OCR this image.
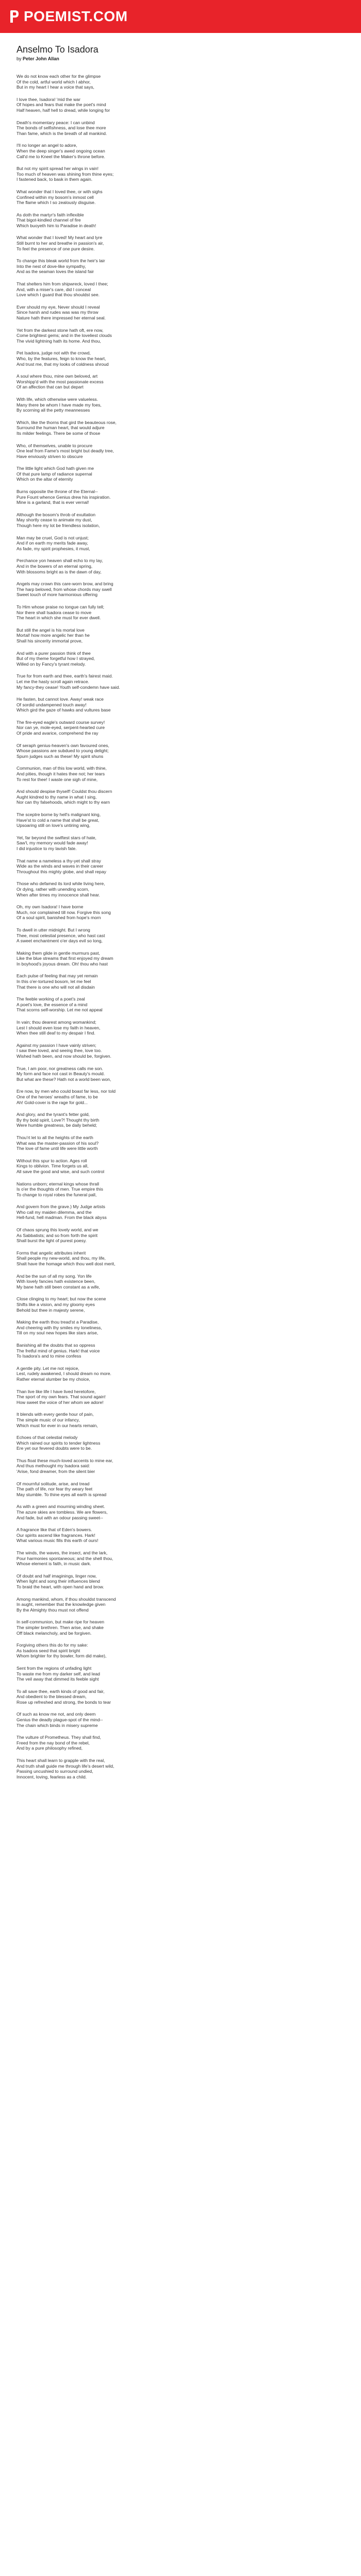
POEMIST.COM
Anselmo To Isadora
by Peter John Allan
We do not know each other for the glimpse
Of the cold, artful world which I abhor,
But in my heart I hear a voice that says,
I love thee, Isadora! 'mid the war
Of hopes and fears that make the poet's mind
Half heaven, half hell to dread, while longing for
Death's momentary peace: I can unbind
The bonds of selfishness, and lose thee more
Than fame, which is the breath of all mankind.
I'll no longer an angel to adore,
When the deep singer's awed ongoing ocean
Call'd me to Kneel the Maker's throne before.
But not my spirit spread her wings in vain!
Too much of heaven was shining from thine eyes;
I fastened back, to bask in them again.
What wonder that I loved thee, or with sighs
Confined within my bosom's inmost cell
The flame which I so zealously disguise.
As doth the martyr's faith inflexible
That bigot-kindled channel of fire
Which buoyeth him to Paradise in death!
What wonder that I loved! My heart and lyre
Still burnt to her and breathe in passion's air,
To feel the presence of one pure desire.
To change this bleak world from the heir's lair
Into the nest of dove-like sympathy,
And as the seaman loves the island fair
That shelters him from shipwreck, loved I thee;
And, with a miser's care, did I conceal
Love which I guard that thou shouldst see.
Ever should my eye, Never should I reveal
Since harsh and rudes was was my throw
Nature hath there impressed her eternal seal.
Yet from the darkest stone hath oft, ere now,
Come brightest gems; and in the loveliest clouds
The vivid lightning hath its home. And thou,
Pet Isadora, judge not with the crowd,
Who, by the features, feign to know the heart,
And trust me, that my looks of coldness shroud
A soul where thou, mine own beloved, art
Worshipp'd with the most passionate excess
Of an affection that can but depart
With life, which otherwise were valueless.
Many there be whom I have made my foes,
By scorning all the petty meannesses
Which, like the thorns that gird the beauteous rose,
Surround the human heart, that would adjure
Its milder feelings. There be some of those
Who, of themselves, unable to procure
One leaf from Fame's most bright but deadly tree,
Have enviously striven to obscure
The little light which God hath given me
Of that pure lamp of radiance supernal
Which on the altar of eternity
Burns opposite the throne of the Eternal--
Pure Fount whence Genius drew his inspiration.
Mine is a garland, that is ever vernal!
Although the bosom's throb of exultation
May shortly cease to animate my dust,
Though here my lot be friendless isolation,
Man may be cruel, God is not unjust;
And if on earth my merits fade away,
As fade, my spirit prophesies, it must,
Perchance yon heaven shall echo to my lay,
And in the bowers of an eternal spring,
With blossoms bright as is the dawn of day,
Angels may crown this care-worn brow, and bring
The harp beloved, from whose chords may swell
Sweet touch of more harmonious offering
To Him whose praise no tongue can fully tell;
Nor there shall Isadora cease to move
The heart in which she must for ever dwell.
But still the angel is his mortal love
Mortal! how more angelic her than he
Shall his sincerity immortal prove,
And with a purer passion think of thee
But of my theme forgetful how I strayed,
Willed on by Fancy's tyrant melody.
True for from earth and thee, earth's fairest maid.
Let me the hasty scroll again retrace.
My fancy-they cease! Youth self-condemn have said.
He fasten, but cannot love. Away! weak race
Of sordid undampened touch away!
Which gird the gaze of hawks and vultures base
The fire-eyed eagle's outward course survey!
Nor can ye, mole-eyed, serpent-hearted cure
Of pride and avarice, comprehend the ray
Of seraph genius-heaven's own favoured ones,
Whose passions are subdued to young delight;
Spurn judges such as these! My spirit shuns
Communion, man of this low world, with thine,
And pities, though it hates thee not; her tears
To rest for thee! I waste one sigh of mine,
And should despise thyself! Couldst thou discern
Aught kindred to thy name in what I sing,
Nor can thy falsehoods, which might to thy earn
The sceptre borne by hell's malignant king,
Have'st to cold a name that shall be great,
Upsoaring still on love's untiring wing,
Yet, far beyond the swiftest stars of hate,
Saw'l, my memory would fade away!
I did injustice to my lavish fate.
That name a nameless a thy-yet shall stray
Wide as the winds and waves in their career
Throughout this mighty globe, and shall repay
Those who defamed its lord while living here,
Or dying, rather with unending scorn,
When after times my innocence shall hear.
Oh, my own Isadora! I have borne
Much, nor complained till now. Forgive this song
Of a soul spirit, banished from hope's morn
To dwell in utter midnight. But I wrong
Thee, most celestial presence, who hast cast
A sweet enchantment o'er days evil so long,
Making them glide in gentle murmurs past,
Like the blue streams that first enjoyed my dream
In boyhood's joyous dream. Oh! thou who hast
Each pulse of feeling that may yet remain
In this o'er-tortured bosom, let me feel
That there is one who will not all disdain
The feeble working of a poet's zeal
A poet's love, the essence of a mind
That scorns self-worship. Let me not appeal
In vain; thou dearest among womankind;
Lest I should even lose my faith in heaven,
When thee still deaf to my despair I find.
Against my passion I have vainly striven;
I saw thee loved, and seeing thee, love too.
Wished hath been, and now should be, forgiven.
True, I am poor, nor greatness calls me son.
My form and face not cast in Beauty's mould.
But what are these? Hath not a world been won,
Ere now, by men who could boast far less, nor told
One of the heroes' wreaths of fame, to be
Ah! Gold-cover is the rage for gold...
And glory, and the tyrant's fetter gold,
By thy bold spirit, Love?! Thought thy birth
Were humble greatness, be daily beheld;
Thou'rt let to all the heights of the earth
What was the master-passion of his soul?
The love of fame until life were little worth
Without this spur to action. Ages roll
Kings to oblivion. Time forgets us all,
All save the good and wise, and such control
Nations unborn; eternal kings whose thrall
Is o'er the thoughts of men. True empire this
To change to royal robes the funeral pall,
And govern from the grave.) My Judge artists
Who call my maiden dilemma, and the
Hell-fund, hell madman. From the black abyss
Of chaos sprung this lovely world, and we
As Sabbatists; and so from forth the spirit
Shall burst the light of purest poesy.
Forms that angelic attributes inherit
Shall people my new-world, and thou, my life,
Shalt have the homage which thou well dost merit,
And be the sun of all my song. Yon life
With lovely fancies hath existence been,
My bane hath still been constant as a wife,
Close clinging to my heart; but now the scene
Shifts like a vision, and my gloomy eyes
Behold but thee in majesty serene,
Making the earth thou tread'st a Paradise,
And cheering with thy smiles my loneliness,
Till on my soul new hopes like stars arise,
Banishing all the doubts that so oppress
The fretful mind of genius. Hark! that voice
To Isadora's and to mine confess
A gentle pity. Let me not rejoice,
Lest, rudely awakened, I should dream no more.
Rather eternal slumber be my choice,
Than live like life I have lived heretofore,
The sport of my own fears. That sound again!
How sweet the voice of her whom we adore!
It blends with every gentle hour of pain,
The simple music of our infancy,
Which must for ever in our hearts remain,
Echoes of that celestial melody
Which rained our spirits to tender lightness
Ere yet our fevered doubts were to be.
Thus float these much-loved accents to mine ear,
And thus methought my Isadora said:
'Arise, fond dreamer, from the silent bier
Of mournful solitude, arise, and tread
The path of life, nor fear thy weary feet
May stumble. To thine eyes all earth is spread
As with a green and mourning winding sheet.
The azure skies are tombless. We are flowers,
And fade, but with an odour passing sweet--
A fragrance like that of Eden's bowers.
Our spirits ascend like fragrances. Hark!
What various music fills this earth of ours!
The winds, the waves, the insect, and the lark,
Pour harmonies spontaneous; and the shell thou,
Whose element is faith, in music dark.
Of doubt and half imaginings, linger now,
When light and song their influences blend
To braid the heart, with open hand and brow.
Among mankind, whom, if thou shouldst transcend
In aught, remember that the knowledge given
By the Almighty thou must not offend
In self-communion, but make ripe for heaven
The simpler brethren. Then arise, and shake
Off black melancholy, and be forgiven.
Forgiving others this do for my sake:
As Isadora seed that spirit bright
Whom brighter for thy bowler, form did make),
Sent from the regions of unfading light
To waste me from my darker self, and lead
The veil away that dimmed its feeble sight
To all save thee, earth kinds of good and fair,
And obedient to the blessed dream,
Rose up refreshed and strong, the bonds to tear
Of such as know me not, and only deem
Genius the deadly plague-spot of the mind--
The chain which binds in misery supreme
The vulture of Prometheus. They shall find,
Freed from the nay bond of the rebel,
And by a pure philosophy refined,
This heart shall learn to grapple with the real,
And truth shall guide me through life's desert wild,
Passing uncushied to surround undied,
Innocent, loving, fearless as a child.
